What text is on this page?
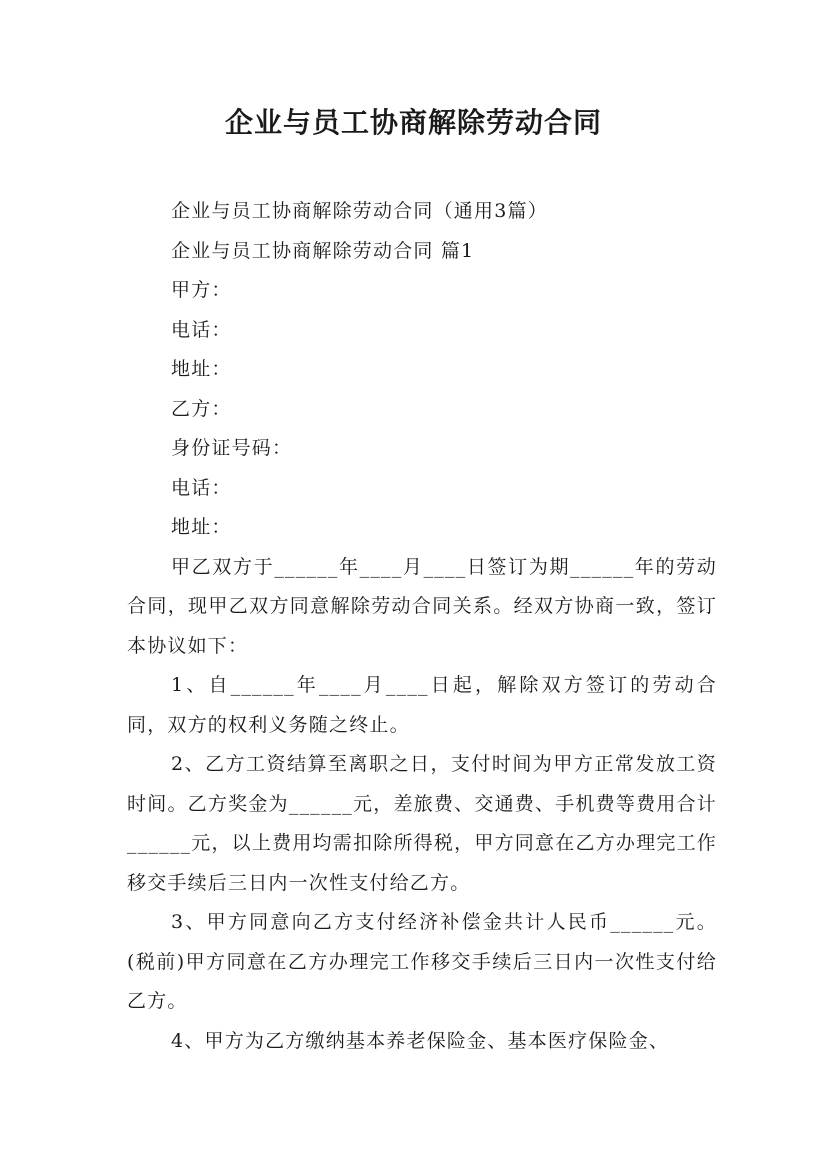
企业与员工协商解除劳动合同

企业与员工协商解除劳动合同（通用3篇）

企业与员工协商解除劳动合同 篇1

甲方：

电话：

地址：

乙方：

身份证号码：

电话：

地址：

甲乙双方于______年____月____日签订为期______年的劳动合同，现甲乙双方同意解除劳动合同关系。经双方协商一致，签订本协议如下：

1、自______年____月____日起，解除双方签订的劳动合同，双方的权利义务随之终止。

2、乙方工资结算至离职之日，支付时间为甲方正常发放工资时间。乙方奖金为______元，差旅费、交通费、手机费等费用合计______元，以上费用均需扣除所得税，甲方同意在乙方办理完工作移交手续后三日内一次性支付给乙方。

3、甲方同意向乙方支付经济补偿金共计人民币______元。(税前)甲方同意在乙方办理完工作移交手续后三日内一次性支付给乙方。

4、甲方为乙方缴纳基本养老保险金、基本医疗保险金、
